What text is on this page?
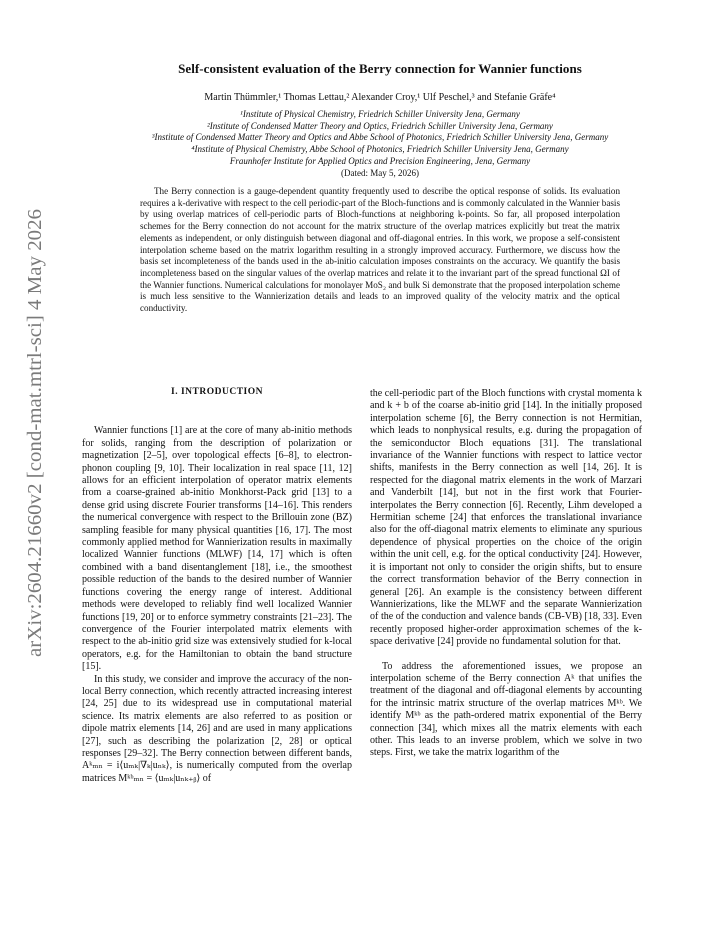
arXiv:2604.21660v2 [cond-mat.mtrl-sci] 4 May 2026
Self-consistent evaluation of the Berry connection for Wannier functions
Martin Thümmler,¹ Thomas Lettau,² Alexander Croy,¹ Ulf Peschel,³ and Stefanie Gräfe⁴
¹Institute of Physical Chemistry, Friedrich Schiller University Jena, Germany
²Institute of Condensed Matter Theory and Optics, Friedrich Schiller University Jena, Germany
³Institute of Condensed Matter Theory and Optics and Abbe School of Photonics, Friedrich Schiller University Jena, Germany
⁴Institute of Physical Chemistry, Abbe School of Photonics, Friedrich Schiller University Jena, Germany
Fraunhofer Institute for Applied Optics and Precision Engineering, Jena, Germany
(Dated: May 5, 2026)

The Berry connection is a gauge-dependent quantity frequently used to describe the optical response of solids. Its evaluation requires a k-derivative with respect to the cell periodic-part of the Bloch-functions and is commonly calculated in the Wannier basis by using overlap matrices of cell-periodic parts of Bloch-functions at neighboring k-points. So far, all proposed interpolation schemes for the Berry connection do not account for the matrix structure of the overlap matrices explicitly but treat the matrix elements as independent, or only distinguish between diagonal and off-diagonal entries. In this work, we propose a self-consistent interpolation scheme based on the matrix logarithm resulting in a strongly improved accuracy. Furthermore, we discuss how the basis set incompleteness of the bands used in the ab-initio calculation imposes constraints on the accuracy. We quantify the basis incompleteness based on the singular values of the overlap matrices and relate it to the invariant part of the spread functional ΩI of the Wannier functions. Numerical calculations for monolayer MoS₂ and bulk Si demonstrate that the proposed interpolation scheme is much less sensitive to the Wannierization details and leads to an improved quality of the velocity matrix and the optical conductivity.

I. INTRODUCTION

Wannier functions [1] are at the core of many ab-initio methods for solids, ranging from the description of polarization or magnetization [2–5], over topological effects [6–8], to electron-phonon coupling [9, 10]. Their localization in real space [11, 12] allows for an efficient interpolation of operator matrix elements from a coarse-grained ab-initio Monkhorst-Pack grid [13] to a dense grid using discrete Fourier transforms [14–16]. This renders the numerical convergence with respect to the Brillouin zone (BZ) sampling feasible for many physical quantities [16, 17]. The most commonly applied method for Wannierization results in maximally localized Wannier functions (MLWF) [14, 17] which is often combined with a band disentanglement [18], i.e., the smoothest possible reduction of the bands to the desired number of Wannier functions covering the energy range of interest. Additional methods were developed to reliably find well localized Wannier functions [19, 20] or to enforce symmetry constraints [21–23]. The convergence of the Fourier interpolated matrix elements with respect to the ab-initio grid size was extensively studied for k-local operators, e.g. for the Hamiltonian to obtain the band structure [15].

In this study, we consider and improve the accuracy of the non-local Berry connection, which recently attracted increasing interest [24, 25] due to its widespread use in computational material science. Its matrix elements are also referred to as position or dipole matrix elements [14, 26] and are used in many applications [27], such as describing the polarization [2, 28] or optical responses [29–32]. The Berry connection between different bands, Aᵏₘₙ = i⟨uₘₖ|∇ₖ|uₙₖ⟩, is numerically computed from the overlap matrices Mᵏᵇₘₙ = ⟨uₘₖ|uₙₖ₊ᵦ⟩ of

the cell-periodic part of the Bloch functions with crystal momenta k and k + b of the coarse ab-initio grid [14]. In the initially proposed interpolation scheme [6], the Berry connection is not Hermitian, which leads to nonphysical results, e.g. during the propagation of the semiconductor Bloch equations [31]. The translational invariance of the Wannier functions with respect to lattice vector shifts, manifests in the Berry connection as well [14, 26]. It is respected for the diagonal matrix elements in the work of Marzari and Vanderbilt [14], but not in the first work that Fourier-interpolates the Berry connection [6]. Recently, Lihm developed a Hermitian scheme [24] that enforces the translational invariance also for the off-diagonal matrix elements to eliminate any spurious dependence of physical properties on the choice of the origin within the unit cell, e.g. for the optical conductivity [24]. However, it is important not only to consider the origin shifts, but to ensure the correct transformation behavior of the Berry connection in general [26]. An example is the consistency between different Wannierizations, like the MLWF and the separate Wannierization of the of the conduction and valence bands (CB-VB) [18, 33]. Even recently proposed higher-order approximation schemes of the k-space derivative [24] provide no fundamental solution for that.

To address the aforementioned issues, we propose an interpolation scheme of the Berry connection Aᵏ that unifies the treatment of the diagonal and off-diagonal elements by accounting for the intrinsic matrix structure of the overlap matrices Mᵏᵇ. We identify Mᵏᵇ as the path-ordered matrix exponential of the Berry connection [34], which mixes all the matrix elements with each other. This leads to an inverse problem, which we solve in two steps. First, we take the matrix logarithm of the
